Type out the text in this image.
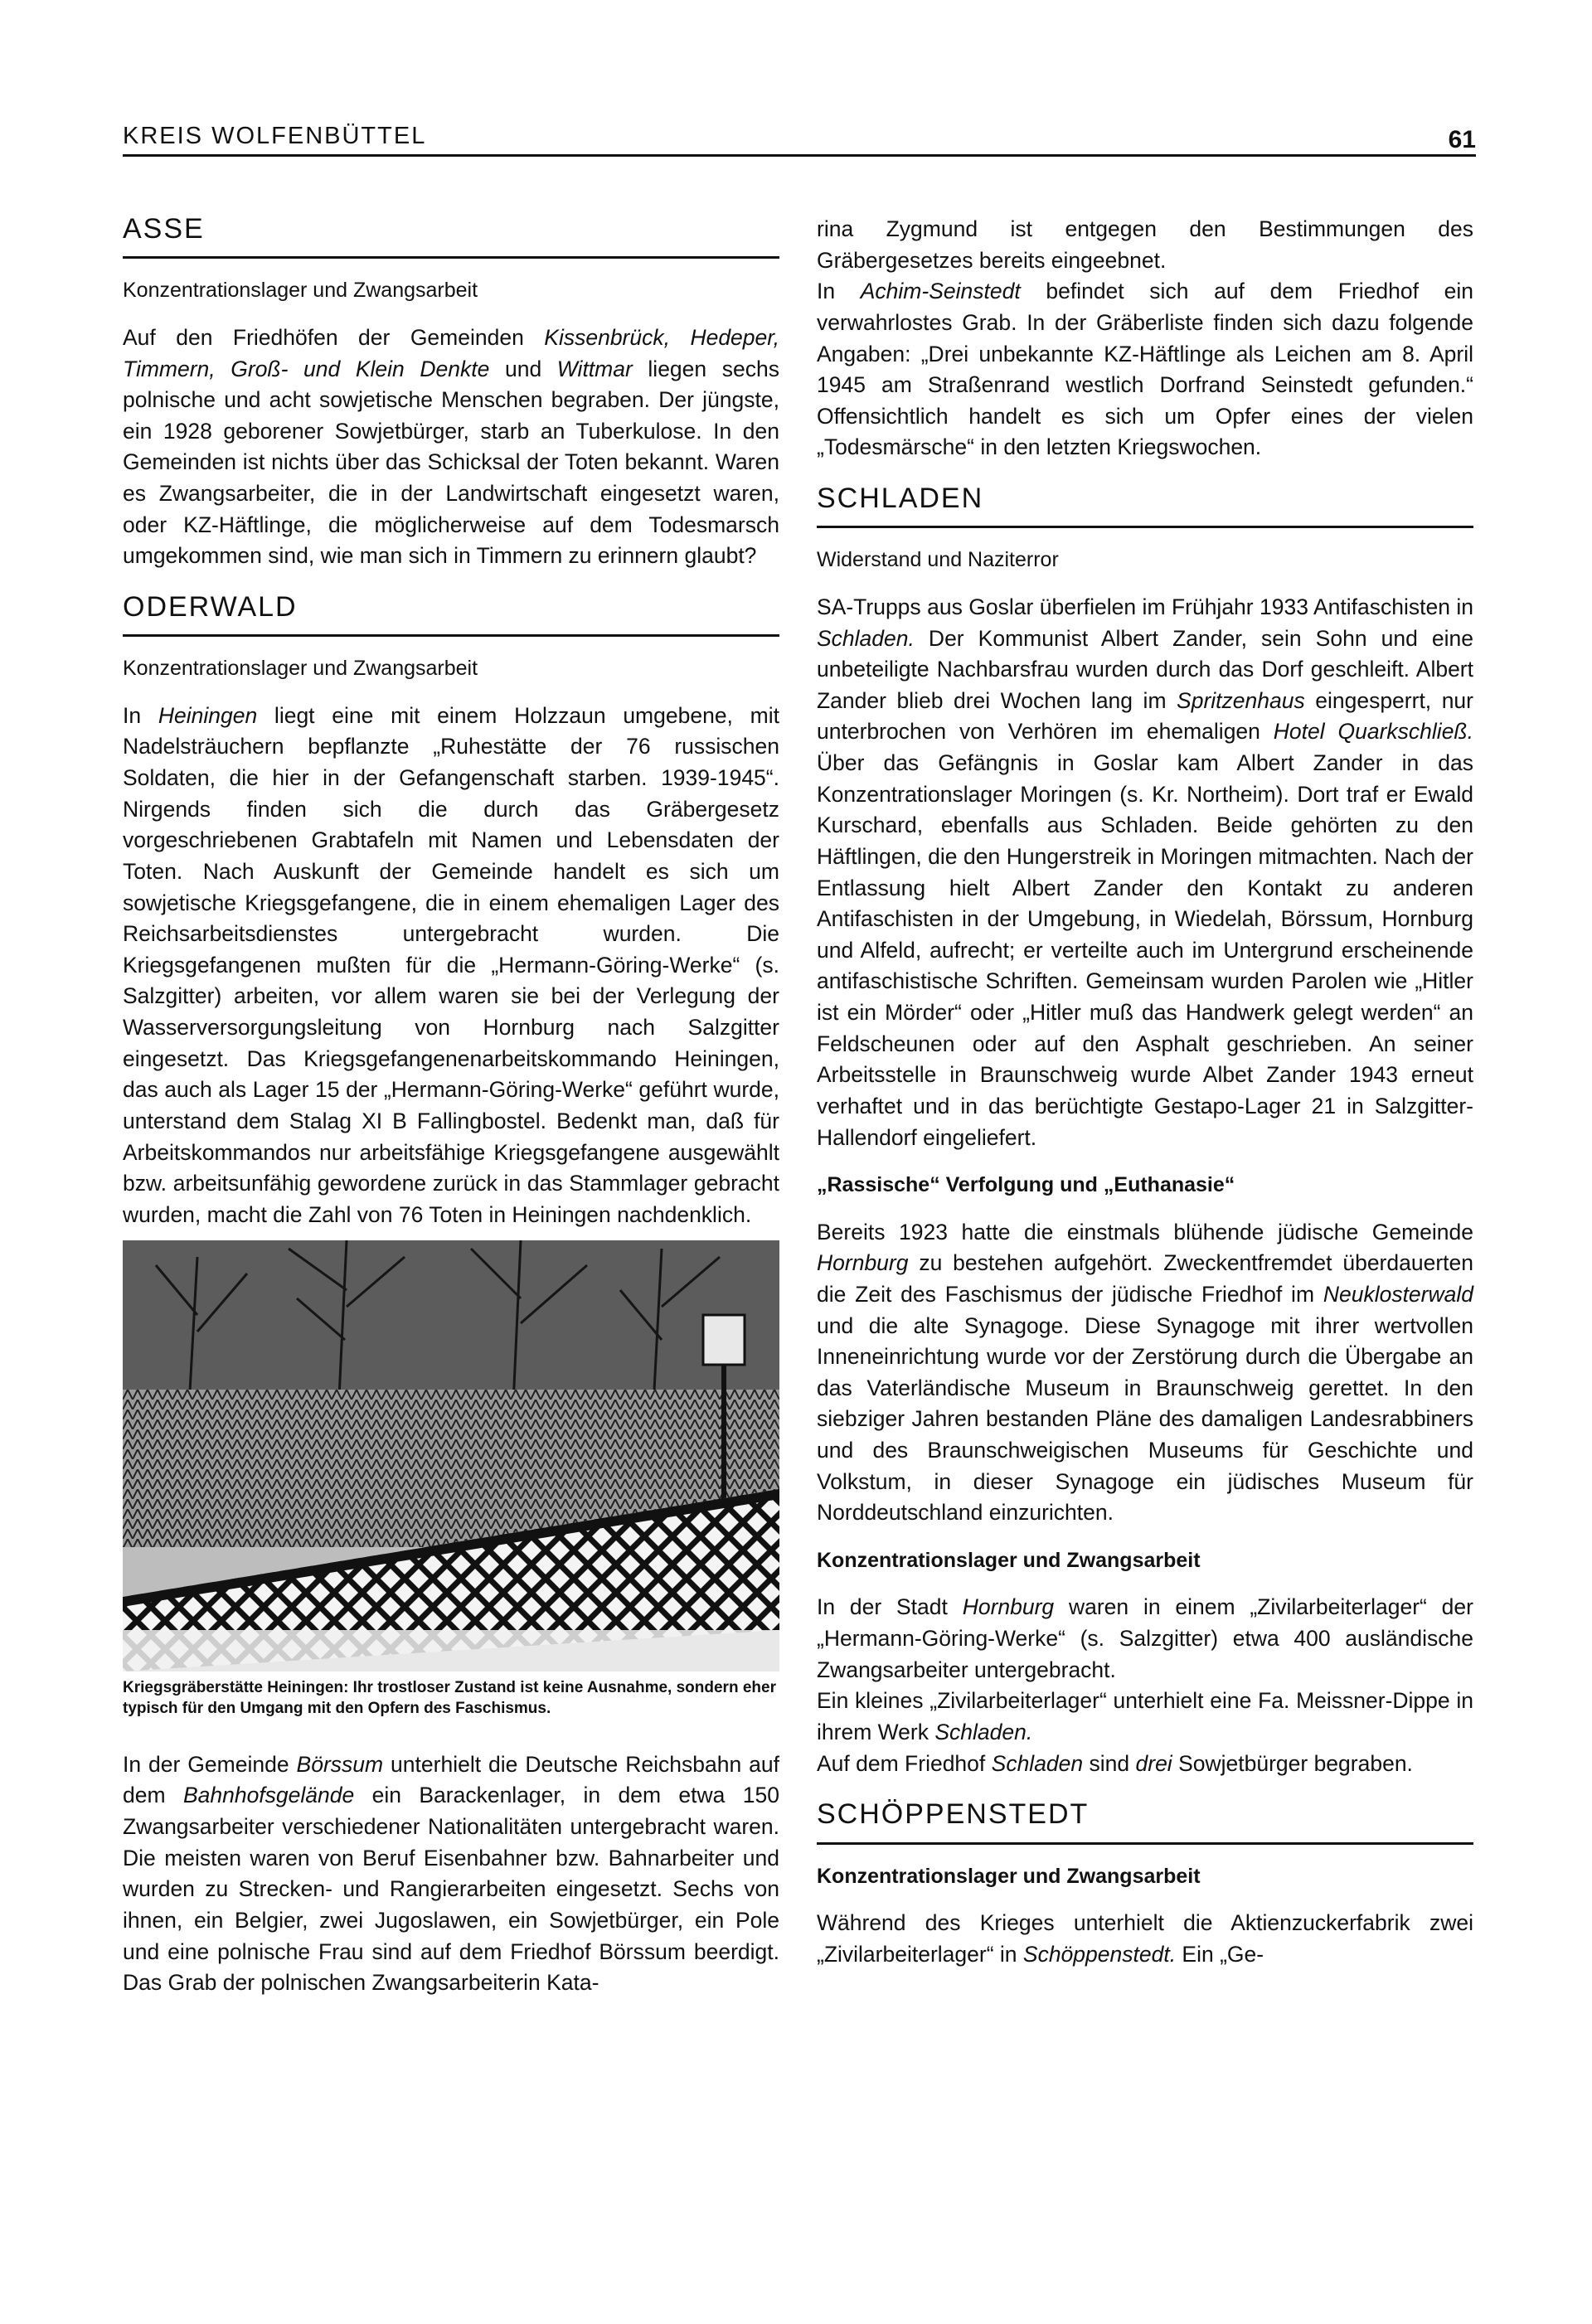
KREIS WOLFENBÜTTEL	61
ASSE
Konzentrationslager und Zwangsarbeit

Auf den Friedhöfen der Gemeinden Kissenbrück, Hedeper, Timmern, Groß- und Klein Denkte und Wittmar liegen sechs polnische und acht sowjetische Menschen begraben. Der jüngste, ein 1928 geborener Sowjetbürger, starb an Tuberkulose. In den Gemeinden ist nichts über das Schicksal der Toten bekannt. Waren es Zwangsarbeiter, die in der Landwirtschaft eingesetzt waren, oder KZ-Häftlinge, die möglicherweise auf dem Todesmarsch umgekommen sind, wie man sich in Timmern zu erinnern glaubt?

ODERWALD
Konzentrationslager und Zwangsarbeit

In Heiningen liegt eine mit einem Holzzaun umgebene, mit Nadelsträuchern bepflanzte „Ruhestätte der 76 russischen Soldaten, die hier in der Gefangenschaft starben. 1939-1945“. Nirgends finden sich die durch das Gräbergesetz vorgeschriebenen Grabtafeln mit Namen und Lebensdaten der Toten. Nach Auskunft der Gemeinde handelt es sich um sowjetische Kriegsgefangene, die in einem ehemaligen Lager des Reichsarbeitsdienstes untergebracht wurden. Die Kriegsgefangenen mußten für die „Hermann-Göring-Werke“ (s. Salzgitter) arbeiten, vor allem waren sie bei der Verlegung der Wasserversorgungsleitung von Hornburg nach Salzgitter eingesetzt. Das Kriegsgefangenenarbeitskommando Heiningen, das auch als Lager 15 der „Hermann-Göring-Werke“ geführt wurde, unterstand dem Stalag XI B Fallingbostel. Bedenkt man, daß für Arbeitskommandos nur arbeitsfähige Kriegsgefangene ausgewählt bzw. arbeitsunfähig gewordene zurück in das Stammlager gebracht wurden, macht die Zahl von 76 Toten in Heiningen nachdenklich.

Kriegsgräberstätte Heiningen: Ihr trostloser Zustand ist keine Ausnahme, sondern eher typisch für den Umgang mit den Opfern des Faschismus.

In der Gemeinde Börssum unterhielt die Deutsche Reichsbahn auf dem Bahnhofsgelände ein Barackenlager, in dem etwa 150 Zwangsarbeiter verschiedener Nationalitäten untergebracht waren. Die meisten waren von Beruf Eisenbahner bzw. Bahnarbeiter und wurden zu Strecken- und Rangierarbeiten eingesetzt. Sechs von ihnen, ein Belgier, zwei Jugoslawen, ein Sowjetbürger, ein Pole und eine polnische Frau sind auf dem Friedhof Börssum beerdigt. Das Grab der polnischen Zwangsarbeiterin Kata-

rina Zygmund ist entgegen den Bestimmungen des Gräbergesetzes bereits eingeebnet.

In Achim-Seinstedt befindet sich auf dem Friedhof ein verwahrlostes Grab. In der Gräberliste finden sich dazu folgende Angaben: „Drei unbekannte KZ-Häftlinge als Leichen am 8. April 1945 am Straßenrand westlich Dorfrand Seinstedt gefunden.“ Offensichtlich handelt es sich um Opfer eines der vielen „Todesmärsche“ in den letzten Kriegswochen.

SCHLADEN
Widerstand und Naziterror

SA-Trupps aus Goslar überfielen im Frühjahr 1933 Antifaschisten in Schladen. Der Kommunist Albert Zander, sein Sohn und eine unbeteiligte Nachbarsfrau wurden durch das Dorf geschleift. Albert Zander blieb drei Wochen lang im Spritzenhaus eingesperrt, nur unterbrochen von Verhören im ehemaligen Hotel Quarkschließ. Über das Gefängnis in Goslar kam Albert Zander in das Konzentrationslager Moringen (s. Kr. Northeim). Dort traf er Ewald Kurschard, ebenfalls aus Schladen. Beide gehörten zu den Häftlingen, die den Hungerstreik in Moringen mitmachten. Nach der Entlassung hielt Albert Zander den Kontakt zu anderen Antifaschisten in der Umgebung, in Wiedelah, Börssum, Hornburg und Alfeld, aufrecht; er verteilte auch im Untergrund erscheinende antifaschistische Schriften. Gemeinsam wurden Parolen wie „Hitler ist ein Mörder“ oder „Hitler muß das Handwerk gelegt werden“ an Feldscheunen oder auf den Asphalt geschrieben. An seiner Arbeitsstelle in Braunschweig wurde Albet Zander 1943 erneut verhaftet und in das berüchtigte Gestapo-Lager 21 in Salzgitter-Hallendorf eingeliefert.

„Rassische“ Verfolgung und „Euthanasie“

Bereits 1923 hatte die einstmals blühende jüdische Gemeinde Hornburg zu bestehen aufgehört. Zweckentfremdet überdauerten die Zeit des Faschismus der jüdische Friedhof im Neuklosterwald und die alte Synagoge. Diese Synagoge mit ihrer wertvollen Inneneinrichtung wurde vor der Zerstörung durch die Übergabe an das Vaterländische Museum in Braunschweig gerettet. In den siebziger Jahren bestanden Pläne des damaligen Landesrabbiners und des Braunschweigischen Museums für Geschichte und Volkstum, in dieser Synagoge ein jüdisches Museum für Norddeutschland einzurichten.

Konzentrationslager und Zwangsarbeit

In der Stadt Hornburg waren in einem „Zivilarbeiterlager“ der „Hermann-Göring-Werke“ (s. Salzgitter) etwa 400 ausländische Zwangsarbeiter untergebracht.

Ein kleines „Zivilarbeiterlager“ unterhielt eine Fa. Meissner-Dippe in ihrem Werk Schladen.

Auf dem Friedhof Schladen sind drei Sowjetbürger begraben.

SCHÖPPENSTEDT
Konzentrationslager und Zwangsarbeit

Während des Krieges unterhielt die Aktienzuckerfabrik zwei „Zivilarbeiterlager“ in Schöppenstedt. Ein „Ge-
